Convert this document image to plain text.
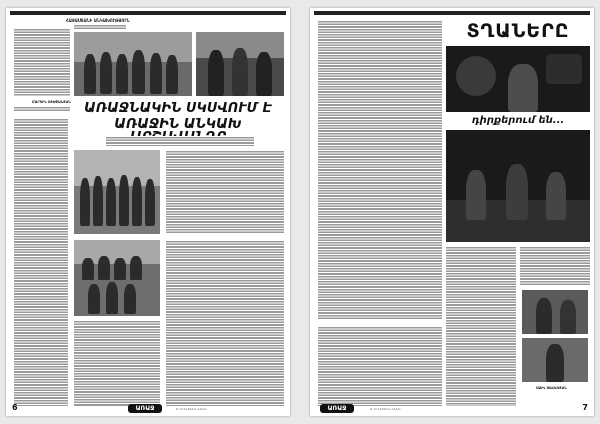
ՀԱՅԱՍՏԱՆԻ ԱՆԿԱԽՈՒԹՅՈՒՆ
ՄԱՐՏԻՆ ՍՏԵՓԱՆՅԱՆ	ԱՌԱՋՆԱԿԻՆ ՍԿՍՎՈՒՄ Է
ԱՌԱՋԻՆ ԱՆԿԱԽ
6	ԱՌԱՋ	Մ. Ա-ՆՆԻՆՆՆ-ՆՆՆԲ
ՏՂԱՆԵՐԸ
դիրքերում են...
ՍԱԻԼ ՍԱՀԱԿՅԱՆ
ԱՌԱՋ	Մ. Ա-ՆՆԻՆՆՆ-ՆՆՆԲ	7
